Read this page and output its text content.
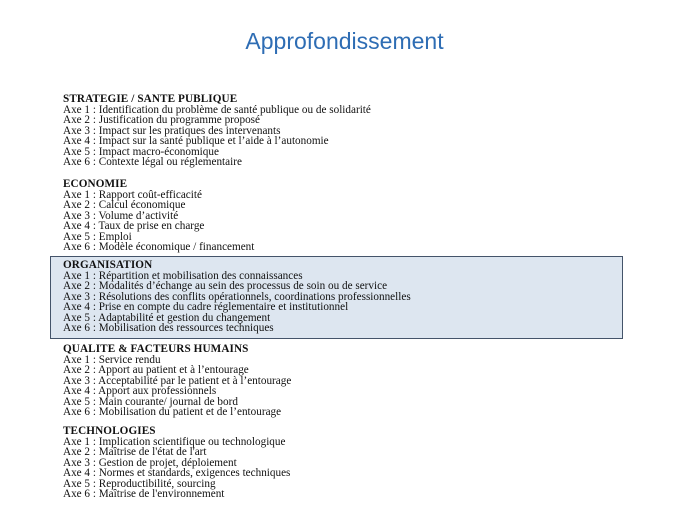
Approfondissement
STRATEGIE / SANTE PUBLIQUE
Axe 1 : Identification du problème de santé publique ou de solidarité
Axe 2 : Justification du programme proposé
Axe 3 : Impact sur les pratiques des intervenants
Axe 4 : Impact sur la santé publique et l’aide à l’autonomie
Axe 5 : Impact macro-économique
Axe 6 : Contexte légal ou réglementaire
ECONOMIE
Axe 1 : Rapport coût-efficacité
Axe 2 : Calcul économique
Axe 3 : Volume d’activité
Axe 4 : Taux de prise en charge
Axe 5 : Emploi
Axe 6 : Modèle économique / financement
ORGANISATION
Axe 1 : Répartition et mobilisation des connaissances
Axe 2 : Modalités d’échange au sein des processus de soin ou de service
Axe 3 : Résolutions des conflits opérationnels, coordinations professionnelles
Axe 4 : Prise en compte du cadre réglementaire et institutionnel
Axe 5 : Adaptabilité et gestion du changement
Axe 6 : Mobilisation des ressources techniques
QUALITE & FACTEURS HUMAINS
Axe 1 : Service rendu
Axe 2 : Apport au patient et à l’entourage
Axe 3 : Acceptabilité par le patient et à l’entourage
Axe 4 : Apport aux professionnels
Axe 5 : Main courante/ journal de bord
Axe 6 : Mobilisation du patient et de l’entourage
TECHNOLOGIES
Axe 1 : Implication scientifique ou technologique
Axe 2 : Maîtrise de l'état de l'art
Axe 3 : Gestion de projet, déploiement
Axe 4 : Normes et standards, exigences techniques
Axe 5 : Reproductibilité, sourcing
Axe 6 : Maîtrise de l'environnement
